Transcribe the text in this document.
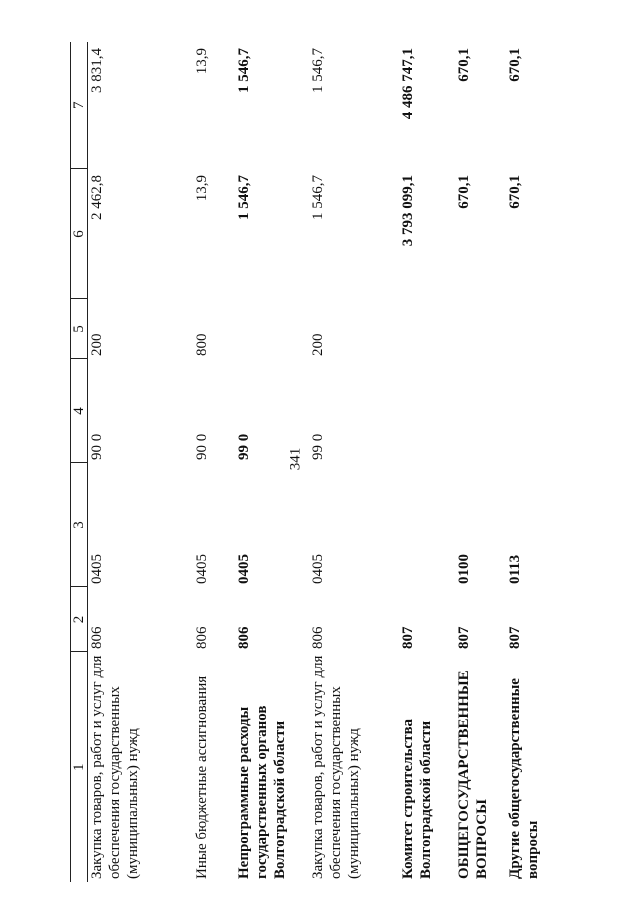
341
1	2	3	4	5	6	7
Закупка товаров, работ и услуг для обеспечения государственных (муниципальных) нужд	806	0405	90 0	200	2 462,8	3 831,4
Иные бюджетные ассигнования	806	0405	90 0	800	13,9	13,9
Непрограммные расходы государственных органов Волгоградской области	806	0405	99 0		1 546,7	1 546,7
Закупка товаров, работ и услуг для обеспечения государственных (муниципальных) нужд	806	0405	99 0	200	1 546,7	1 546,7
Комитет строительства Волгоградской области	807				3 793 099,1	4 486 747,1
ОБЩЕГОСУДАРСТВЕННЫЕ ВОПРОСЫ	807	0100			670,1	670,1
Другие общегосударственные вопросы	807	0113			670,1	670,1
